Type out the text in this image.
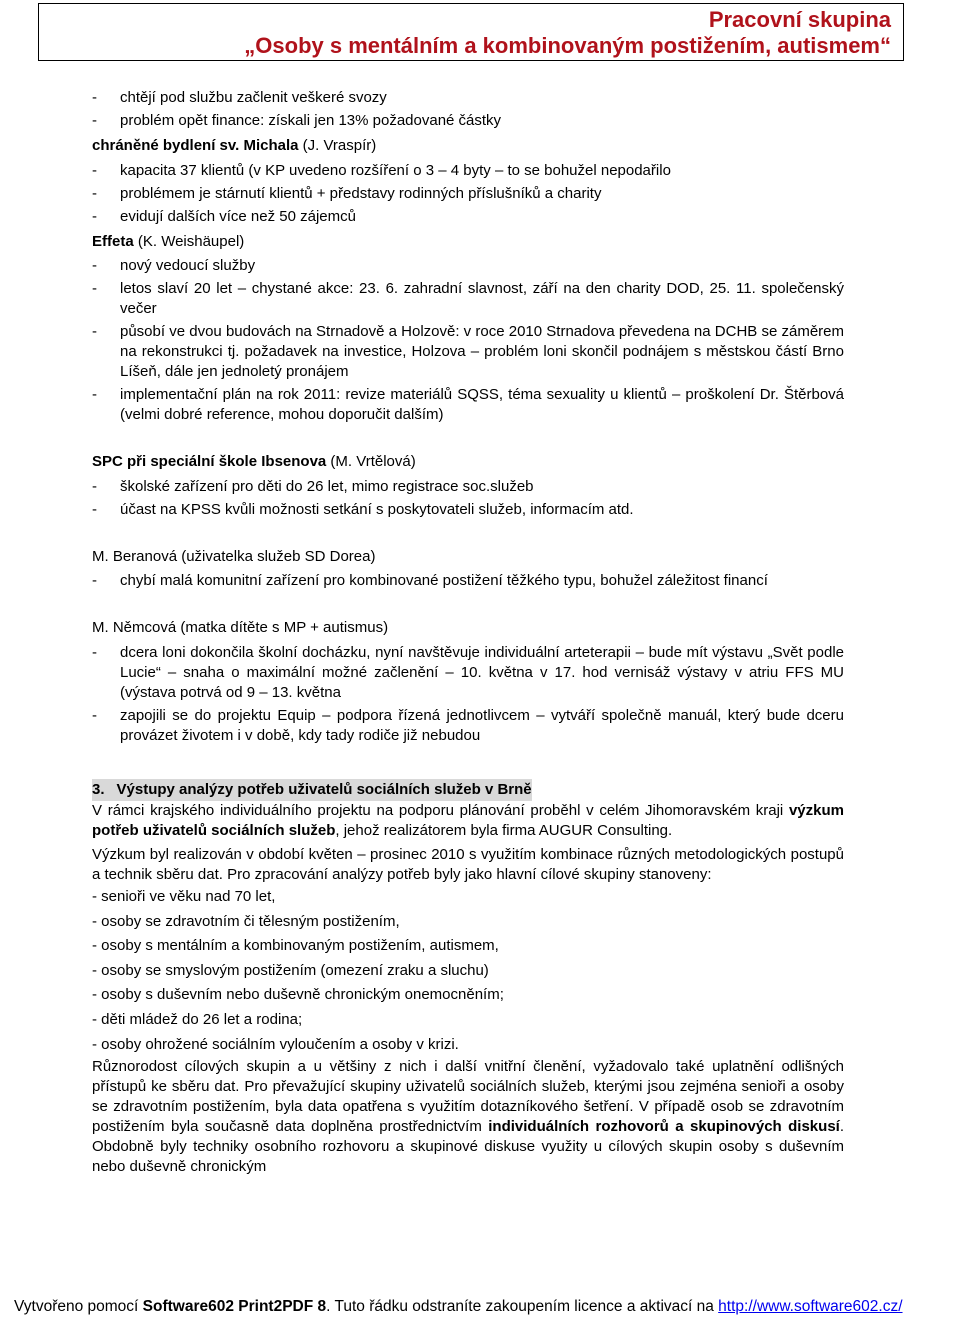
Pracovní skupina
„Osoby s mentálním a kombinovaným postižením, autismem“
- chtějí pod službu začlenit veškeré svozy
- problém opět finance: získali jen 13% požadované částky
chráněné bydlení sv. Michala (J. Vraspír)
- kapacita 37 klientů (v KP uvedeno rozšíření o 3 – 4 byty – to se bohužel nepodařilo
- problémem je stárnutí klientů + představy rodinných příslušníků a charity
- evidují dalších více než 50 zájemců
Effeta (K. Weishäupel)
- nový vedoucí služby
- letos slaví 20 let – chystané akce: 23. 6. zahradní slavnost, září na den charity DOD, 25. 11. společenský večer
- působí ve dvou budovách na Strnadově a Holzově: v roce 2010 Strnadova převedena na DCHB se záměrem na rekonstrukci tj. požadavek na investice, Holzova – problém loni skončil podnájem s městskou částí Brno Líšeň, dále jen jednoletý pronájem
- implementační plán na rok 2011: revize materiálů SQSS, téma sexuality u klientů – proškolení Dr. Štěrbová (velmi dobré reference, mohou doporučit dalším)
SPC při speciální škole Ibsenova (M. Vrtělová)
- školské zařízení pro děti do 26 let, mimo registrace soc.služeb
- účast na KPSS kvůli možnosti setkání s poskytovateli služeb, informacím atd.
M. Beranová (uživatelka služeb SD Dorea)
- chybí malá komunitní zařízení pro kombinované postižení těžkého typu, bohužel záležitost financí
M. Němcová (matka dítěte s MP + autismus)
- dcera loni dokončila školní docházku, nyní navštěvuje individuální arteterapii – bude mít výstavu „Svět podle Lucie“ – snaha o maximální možné začlenění – 10. května v 17. hod vernisáž výstavy v atriu FFS MU (výstava potrvá od 9 – 13. května
- zapojili se do projektu Equip – podpora řízená jednotlivcem – vytváří společně manuál, který bude dceru provázet životem i v době, kdy tady rodiče již nebudou
3. Výstupy analýzy potřeb uživatelů sociálních služeb v Brně
V rámci krajského individuálního projektu na podporu plánování proběhl v celém Jihomoravském kraji výzkum potřeb uživatelů sociálních služeb, jehož realizátorem byla firma AUGUR Consulting.
Výzkum byl realizován v období květen – prosinec 2010 s využitím kombinace různých metodologických postupů a technik sběru dat. Pro zpracování analýzy potřeb byly jako hlavní cílové skupiny stanoveny:
- senioři ve věku nad 70 let,
- osoby se zdravotním či tělesným postižením,
- osoby s mentálním a kombinovaným postižením, autismem,
- osoby se smyslovým postižením (omezení zraku a sluchu)
- osoby s duševním nebo duševně chronickým onemocněním;
- děti mládež do 26 let a rodina;
- osoby ohrožené sociálním vyloučením a osoby v krizi.
Různorodost cílových skupin a u většiny z nich i další vnitřní členění, vyžadovalo také uplatnění odlišných přístupů ke sběru dat. Pro převažující skupiny uživatelů sociálních služeb, kterými jsou zejména senioři a osoby se zdravotním postižením, byla data opatřena s využitím dotazníkového šetření. V případě osob se zdravotním postižením byla současně data doplněna prostřednictvím individuálních rozhovorů a skupinových diskusí. Obdobně byly techniky osobního rozhovoru a skupinové diskuse využity u cílových skupin osoby s duševním nebo duševně chronickým
Vytvořeno pomocí Software602 Print2PDF 8. Tuto řádku odstraníte zakoupením licence a aktivací na http://www.software602.cz/
